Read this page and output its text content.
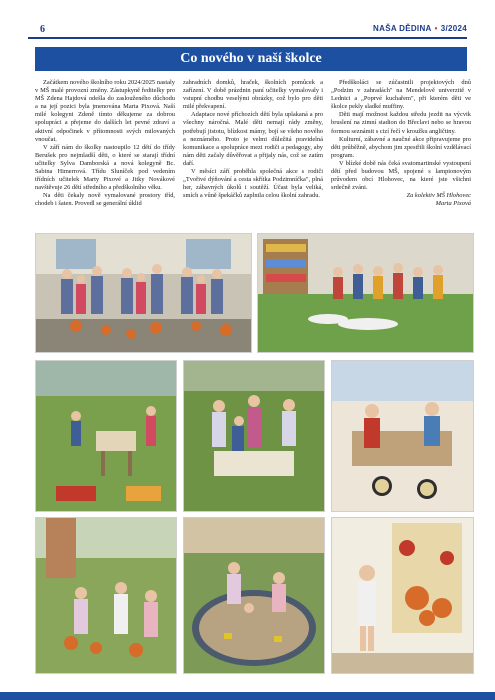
6	NAŠA DĚDINA • 3/2024
Co nového v naší školce

Začátkem nového školního roku 2024/2025 nastaly v MŠ malé provozní změny. Zástupkyně ředitelky pro MŠ Zdena Hajdová odešla do zaslouženého důchodu a na její pozici byla jmenována Marta Pixová. Naší milé kolegyni Zdeně tímto děkujeme za dobrou spolupráci a přejeme do dalších let pevné zdraví a aktivní odpočinek v přítomnosti svých milovaných vnoučat.

V září nám do školky nastoupilo 12 dětí do třídy Berušek pro nejmladší děti, o které se starají třídní učitelky Sylva Damborská a nová kolegyně Bc. Sabina Himerrová. Třídu Sluníček pod vedením třídních učitelek Marty Pixové a Jitky Novákové navštěvuje 26 dětí středního a předškolního věku.

Na děti čekaly nově vymalované prostory tříd, chodeb i šaten. Provedl se generální úklid

zahradních domků, hraček, školních pomůcek a zařízení. V době prázdnin paní učitelky vymalovaly i vstupní chodbu veselými obrázky, což bylo pro děti milé překvapení.

Adaptace nové příchozích dětí byla uplakaná a pro všechny náročná. Malé děti nemají rády změny, potřebují jistotu, blízkost mámy, bojí se všeho nového a neznámého. Proto je velmi důležitá pravidelná komunikace a spolupráce mezi rodiči a pedagogy, aby nám děti začaly důvěřovat a přijaly nás, což se zatím daří.

V měsíci září proběhla společná akce s rodiči „Tvořivé dýňování a cesta skřítka Podzimníčka", plná her, zábavných úkolů i soutěží. Účast byla veliká, smích a vůně špekáčků zaplnila celou školní zahradu.

Předškoláci se zúčastnili projektových dnů „Podzim v zahradách" na Mendelově univerzitě v Lednici a „Poprvé kuchařem", při kterém děti ve školce pekly sladké muffiny.

Děti mají možnost každou středu jezdit na výcvik bruslení na zimní stadion do Břeclavi nebo se hravou formou seznámit s cizí řečí v kroužku angličtiny.

Kulturní, zábavné a naučné akce připravujeme pro děti průběžně, abychom jim zpestřili školní vzdělávací program.

V blízké době nás čeká svatomartinské vystoupení dětí před budovou MŠ, spojené s lampionovým průvodem obcí Hlohovec, na které jste všichni srdečně zváni.

Za kolektiv MŠ Hlohovec

Marta Pixová
